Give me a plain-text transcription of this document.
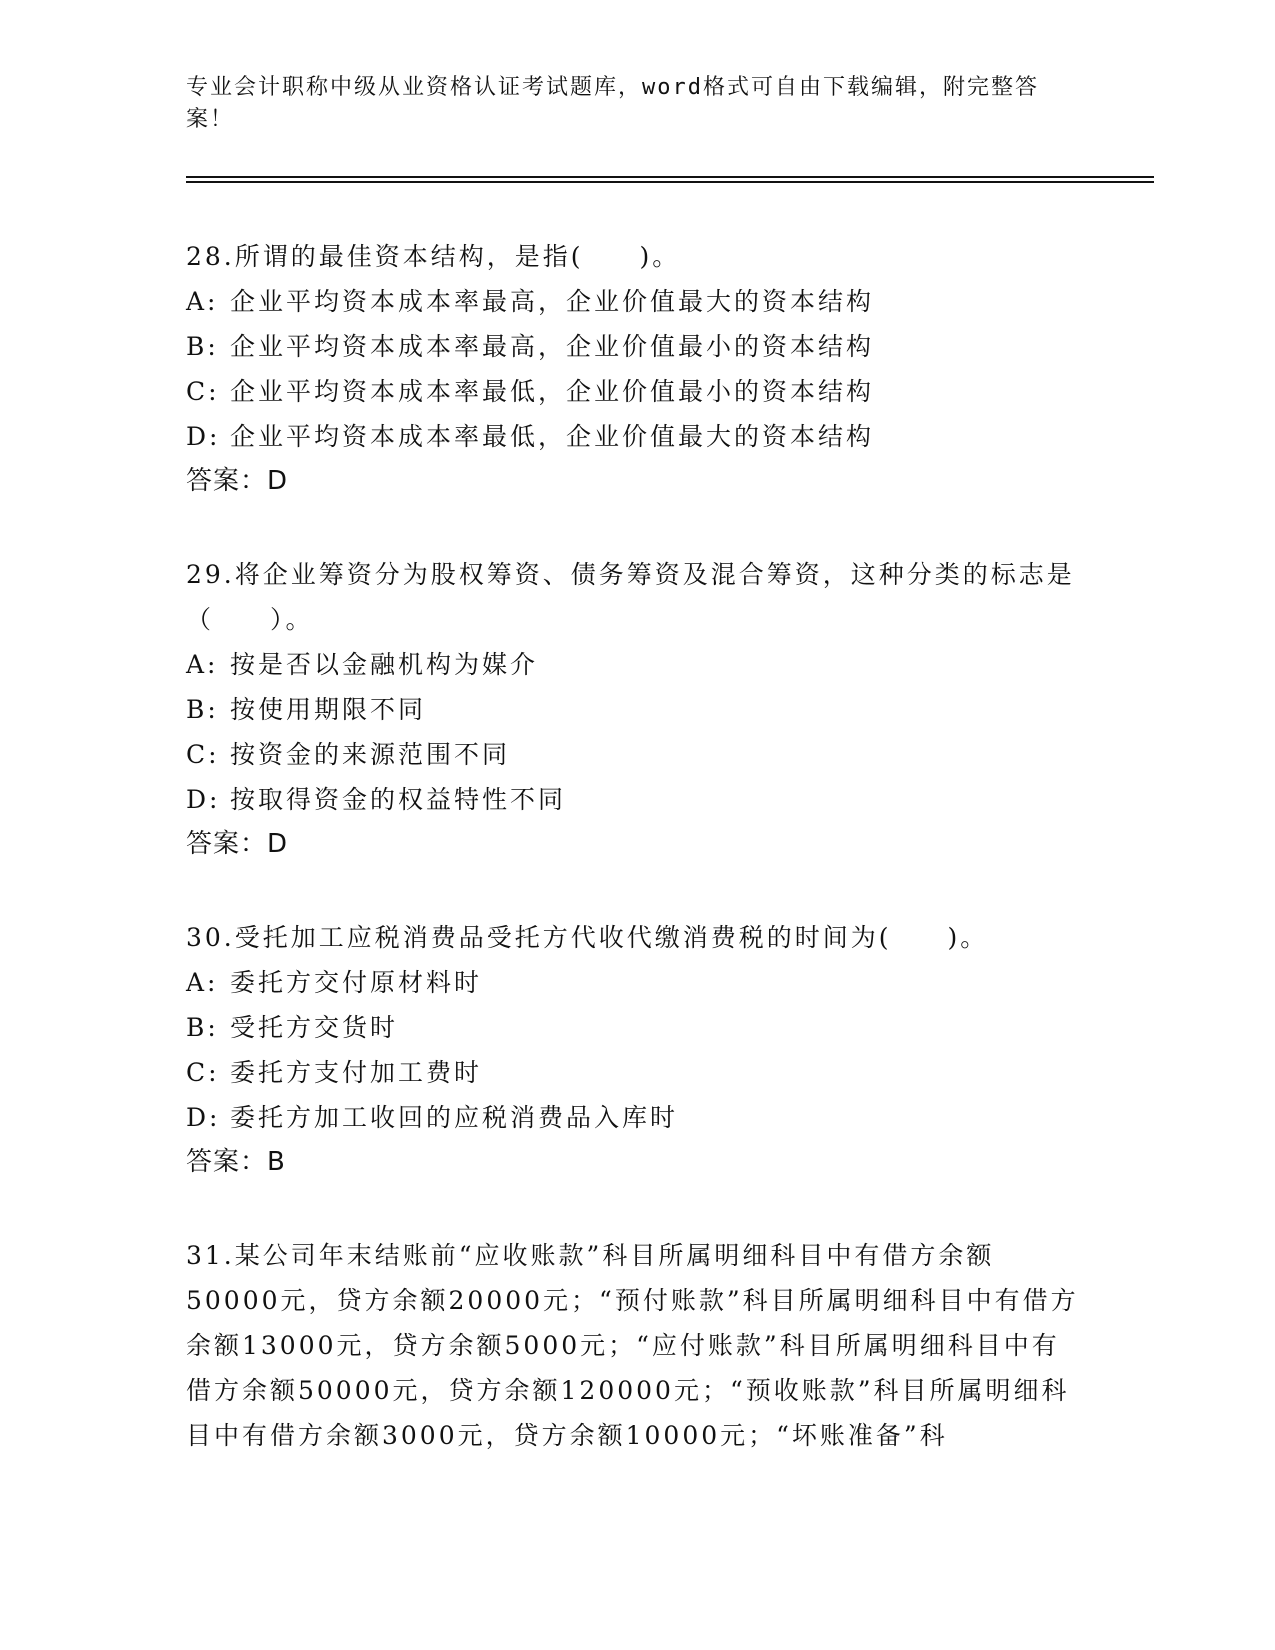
专业会计职称中级从业资格认证考试题库，word格式可自由下载编辑，附完整答案！

28.所谓的最佳资本结构，是指(　　)。

A: 企业平均资本成本率最高，企业价值最大的资本结构

B: 企业平均资本成本率最高，企业价值最小的资本结构

C: 企业平均资本成本率最低，企业价值最小的资本结构

D: 企业平均资本成本率最低，企业价值最大的资本结构

答案：D

29.将企业筹资分为股权筹资、债务筹资及混合筹资，这种分类的标志是（　　）。

A: 按是否以金融机构为媒介

B: 按使用期限不同

C: 按资金的来源范围不同

D: 按取得资金的权益特性不同

答案：D

30.受托加工应税消费品受托方代收代缴消费税的时间为(　　)。

A: 委托方交付原材料时

B: 受托方交货时

C: 委托方支付加工费时

D: 委托方加工收回的应税消费品入库时

答案：B

31.某公司年末结账前“应收账款”科目所属明细科目中有借方余额50000元，贷方余额20000元；“预付账款”科目所属明细科目中有借方余额13000元，贷方余额5000元；“应付账款”科目所属明细科目中有借方余额50000元，贷方余额120000元；“预收账款”科目所属明细科目中有借方余额3000元，贷方余额10000元；“坏账准备”科
